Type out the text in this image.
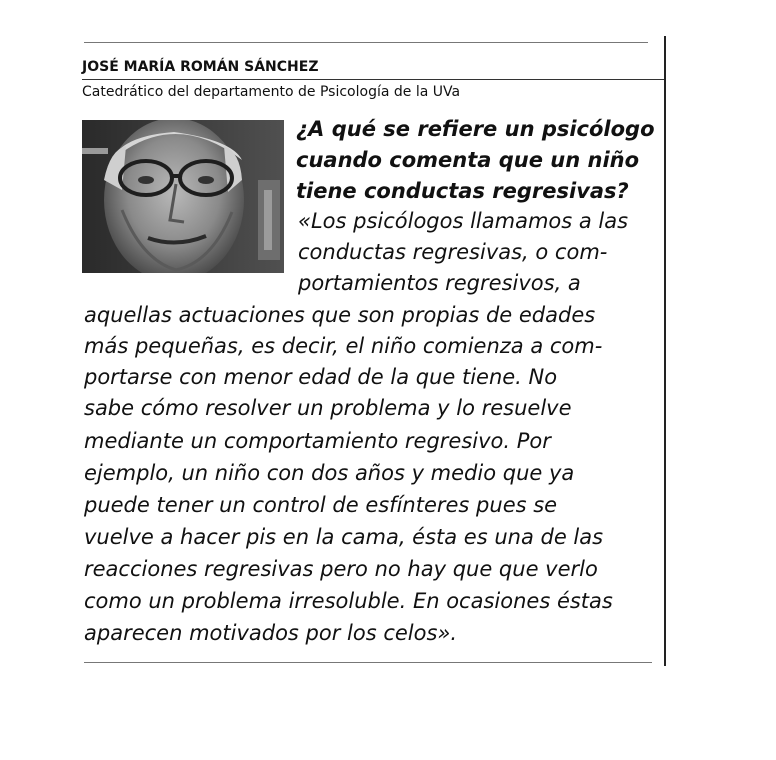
JOSÉ MARÍA ROMÁN SÁNCHEZ
Catedrático del departamento de Psicología de la UVa
¿A qué se refiere un psicólogo
cuando comenta que un niño
tiene conductas regresivas?
«Los psicólogos llamamos a las
conductas regresivas, o com-
portamientos regresivos, a
aquellas actuaciones que son propias de edades
más pequeñas, es decir, el niño comienza a com-
portarse con menor edad de la que tiene. No
sabe cómo resolver un problema y lo resuelve
mediante un comportamiento regresivo. Por
ejemplo, un niño con dos años y medio que ya
puede tener un control de esfínteres pues se
vuelve a hacer pis en la cama, ésta es una de las
reacciones regresivas pero no hay que que verlo
como un problema irresoluble. En ocasiones éstas
aparecen motivados por los celos».
